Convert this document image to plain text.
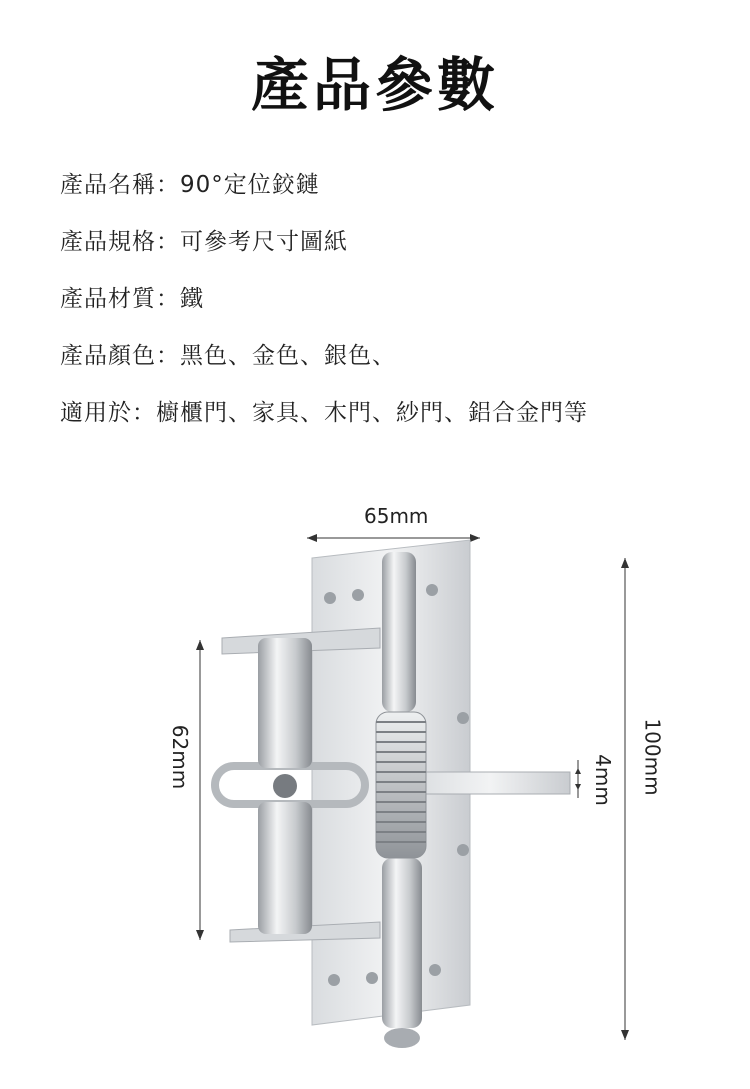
產品參數
產品名稱：90°定位鉸鏈
產品規格：可參考尺寸圖紙
產品材質：鐵
產品顏色：黑色、金色、銀色、
適用於：櫥櫃門、家具、木門、紗門、鋁合金門等
65mm
62mm	100mm
4mm
